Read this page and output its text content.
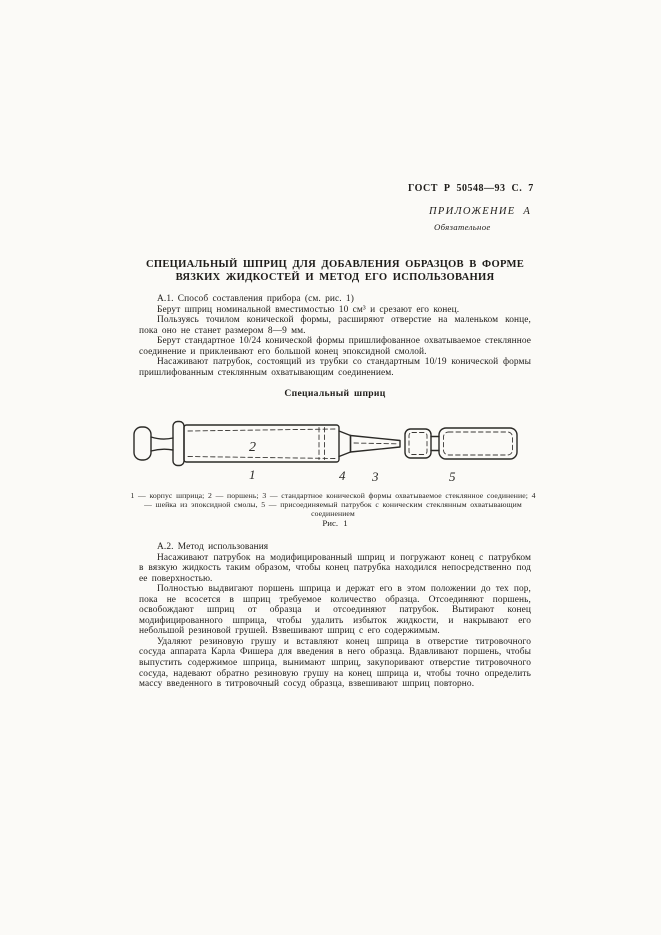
ГОСТ Р 50548—93 С. 7
ПРИЛОЖЕНИЕ А
Обязательное
СПЕЦИАЛЬНЫЙ ШПРИЦ ДЛЯ ДОБАВЛЕНИЯ ОБРАЗЦОВ В ФОРМЕ ВЯЗКИХ ЖИДКОСТЕЙ И МЕТОД ЕГО ИСПОЛЬЗОВАНИЯ

А.1. Способ составления прибора (см. рис. 1)

Берут шприц номинальной вместимостью 10 см³ и срезают его конец.

Пользуясь точилом конической формы, расширяют отверстие на маленьком конце, пока оно не станет размером 8—9 мм.

Берут стандартное 10/24 конической формы пришлифованное охватываемое стеклянное соединение и приклеивают его большой конец эпоксидной смолой.

Насаживают патрубок, состоящий из трубки со стандартным 10/19 конической формы пришлифованным стеклянным охватывающим соединением.

Специальный шприц
1
2
3
4	5
1 — корпус шприца; 2 — поршень; 3 — стандартное конической формы охватываемое стеклянное соединение; 4 — шейка из эпоксидной смолы, 5 — присоединяемый патрубок с коническим стеклянным охватывающим соединением
Рис. 1

А.2. Метод использования

Насаживают патрубок на модифицированный шприц и погружают конец с патрубком в вязкую жидкость таким образом, чтобы конец патрубка находился непосредственно под ее поверхностью.

Полностью выдвигают поршень шприца и держат его в этом положении до тех пор, пока не всосется в шприц требуемое количество образца. Отсоединяют поршень, освобождают шприц от образца и отсоединяют патрубок. Вытирают конец модифицированного шприца, чтобы удалить избыток жидкости, и накрывают его небольшой резиновой грушей. Взвешивают шприц с его содержимым.

Удаляют резиновую грушу и вставляют конец шприца в отверстие титровочного сосуда аппарата Карла Фишера для введения в него образца. Вдавливают поршень, чтобы выпустить содержимое шприца, вынимают шприц, закупоривают отверстие титровочного сосуда, надевают обратно резиновую грушу на конец шприца и, чтобы точно определить массу введенного в титровочный сосуд образца, взвешивают шприц повторно.
